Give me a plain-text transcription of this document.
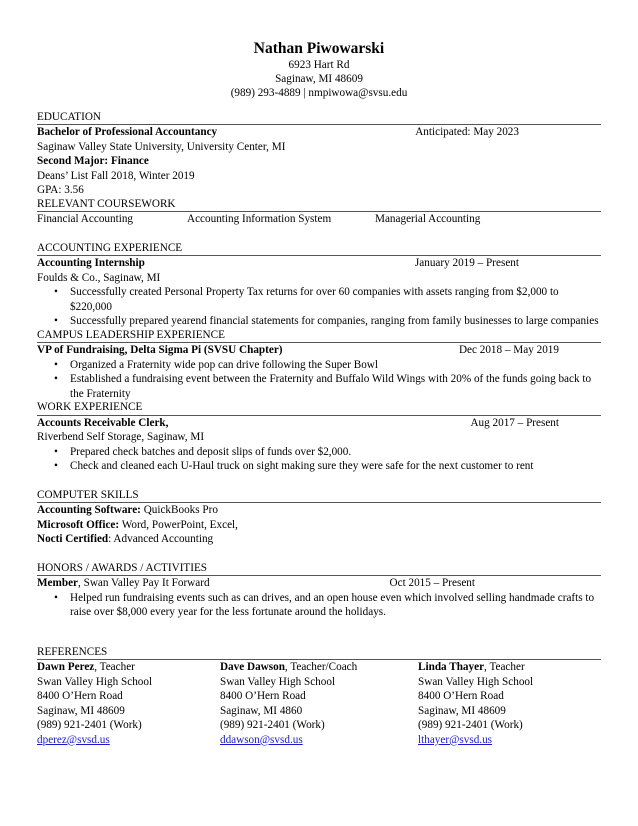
Nathan Piwowarski
6923 Hart Rd
Saginaw, MI 48609
(989) 293-4889 | nmpiwowa@svsu.edu
EDUCATION
Bachelor of Professional Accountancy	Anticipated: May 2023
Saginaw Valley State University, University Center, MI
Second Major: Finance
Deans’ List Fall 2018, Winter 2019
GPA: 3.56
RELEVANT COURSEWORK
Financial Accounting	Accounting Information System	Managerial Accounting
ACCOUNTING EXPERIENCE
Accounting Internship	January 2019 – Present
Foulds & Co., Saginaw, MI
• Successfully created Personal Property Tax returns for over 60 companies with assets ranging from $2,000 to $220,000
• Successfully prepared yearend financial statements for companies, ranging from family businesses to large companies
CAMPUS LEADERSHIP EXPERIENCE
VP of Fundraising, Delta Sigma Pi (SVSU Chapter)	Dec 2018 – May 2019
• Organized a Fraternity wide pop can drive following the Super Bowl
• Established a fundraising event between the Fraternity and Buffalo Wild Wings with 20% of the funds going back to the Fraternity
WORK EXPERIENCE
Accounts Receivable Clerk,	Aug 2017 – Present
Riverbend Self Storage, Saginaw, MI
• Prepared check batches and deposit slips of funds over $2,000.
• Check and cleaned each U-Haul truck on sight making sure they were safe for the next customer to rent
COMPUTER SKILLS
Accounting Software: QuickBooks Pro
Microsoft Office: Word, PowerPoint, Excel,
Nocti Certified: Advanced Accounting
HONORS / AWARDS / ACTIVITIES
Member, Swan Valley Pay It Forward	Oct 2015 – Present
• Helped run fundraising events such as can drives, and an open house even which involved selling handmade crafts to raise over $8,000 every year for the less fortunate around the holidays.
REFERENCES
Dawn Perez, Teacher
Swan Valley High School
8400 O’Hern Road
Saginaw, MI 48609
(989) 921-2401 (Work)
dperez@svsd.us
Dave Dawson, Teacher/Coach
Swan Valley High School
8400 O’Hern Road
Saginaw, MI 4860
(989) 921-2401 (Work)
ddawson@svsd.us
Linda Thayer, Teacher
Swan Valley High School
8400 O’Hern Road
Saginaw, MI 48609
(989) 921-2401 (Work)
lthayer@svsd.us
